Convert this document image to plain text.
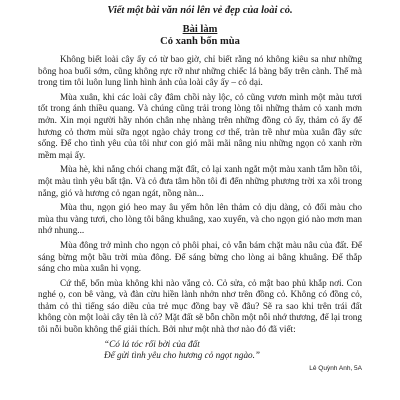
Viết một bài văn nói lên vẻ đẹp của loài cỏ.

Bài làm

Cỏ xanh bốn mùa

Không biết loài cây ấy có từ bao giờ, chỉ biết rằng nó không kiêu sa như những bông hoa buổi sớm, cũng không rực rỡ như những chiếc lá bàng bẩy trên cành. Thế mà trong tim tôi luôn lung linh hình ảnh của loài cây ấy – cỏ dại.

Mùa xuân, khi các loài cây đâm chồi này lộc, cỏ cũng vươn mình một màu tươi tốt trong ánh thiều quang. Và chúng cũng trải trong lòng tôi những thảm cỏ xanh mơn mởn. Xin mọi người hãy nhón chân nhẹ nhàng trên những đồng cỏ ấy, thảm cỏ ấy để hương cỏ thơm mùi sữa ngọt ngào chảy trong cơ thể, tràn trề như mùa xuân đầy sức sống. Để cho tình yêu của tôi như con gió mãi mãi nâng niu những ngọn cỏ xanh rờn mềm mại ấy.

Mùa hè, khi nắng chói chang mặt đất, cỏ lại xanh ngắt một màu xanh tắm hồn tôi, một màu tình yêu bất tận. Và cỏ đưa tâm hồn tôi đi đến những phương trời xa xôi trong nắng, gió và hương cỏ ngan ngát, nồng nàn...

Mùa thu, ngọn gió heo may âu yếm hôn lên thảm cỏ dịu dàng, cỏ đổi màu cho mùa thu vàng tươi, cho lòng tôi bâng khuâng, xao xuyến, và cho ngọn gió nào mơn man nhớ nhung...

Mùa đông trở mình cho ngọn cỏ phôi phai, cỏ vẫn bám chặt màu nâu của đất. Để sáng bừng một bầu trời mùa đông. Để sáng bừng cho lòng ai bâng khuâng. Để thắp sáng cho mùa xuân hi vọng.

Cứ thế, bốn mùa không khi nào vắng cỏ. Cỏ sửa, cỏ mật bao phủ khắp nơi. Con nghé ọ, con bê vàng, và đàn cừu hiền lành nhởn nhơ trên đồng cỏ. Không có đồng cỏ, thảm cỏ thì tiếng sáo diều của trẻ mục đồng bay về đâu? Sẽ ra sao khi trên trái đất không còn một loài cây tên là cỏ? Mặt đất sẽ bỗn chồn một nỗi nhớ thương, để lại trong tôi nỗi buồn không thể giải thích. Bởi như một nhà thơ nào đó đã viết:

“Có lá tóc rối bời của đất

Để gửi tình yêu cho hương cỏ ngọt ngào.”

Lê Quỳnh Anh, 5A
